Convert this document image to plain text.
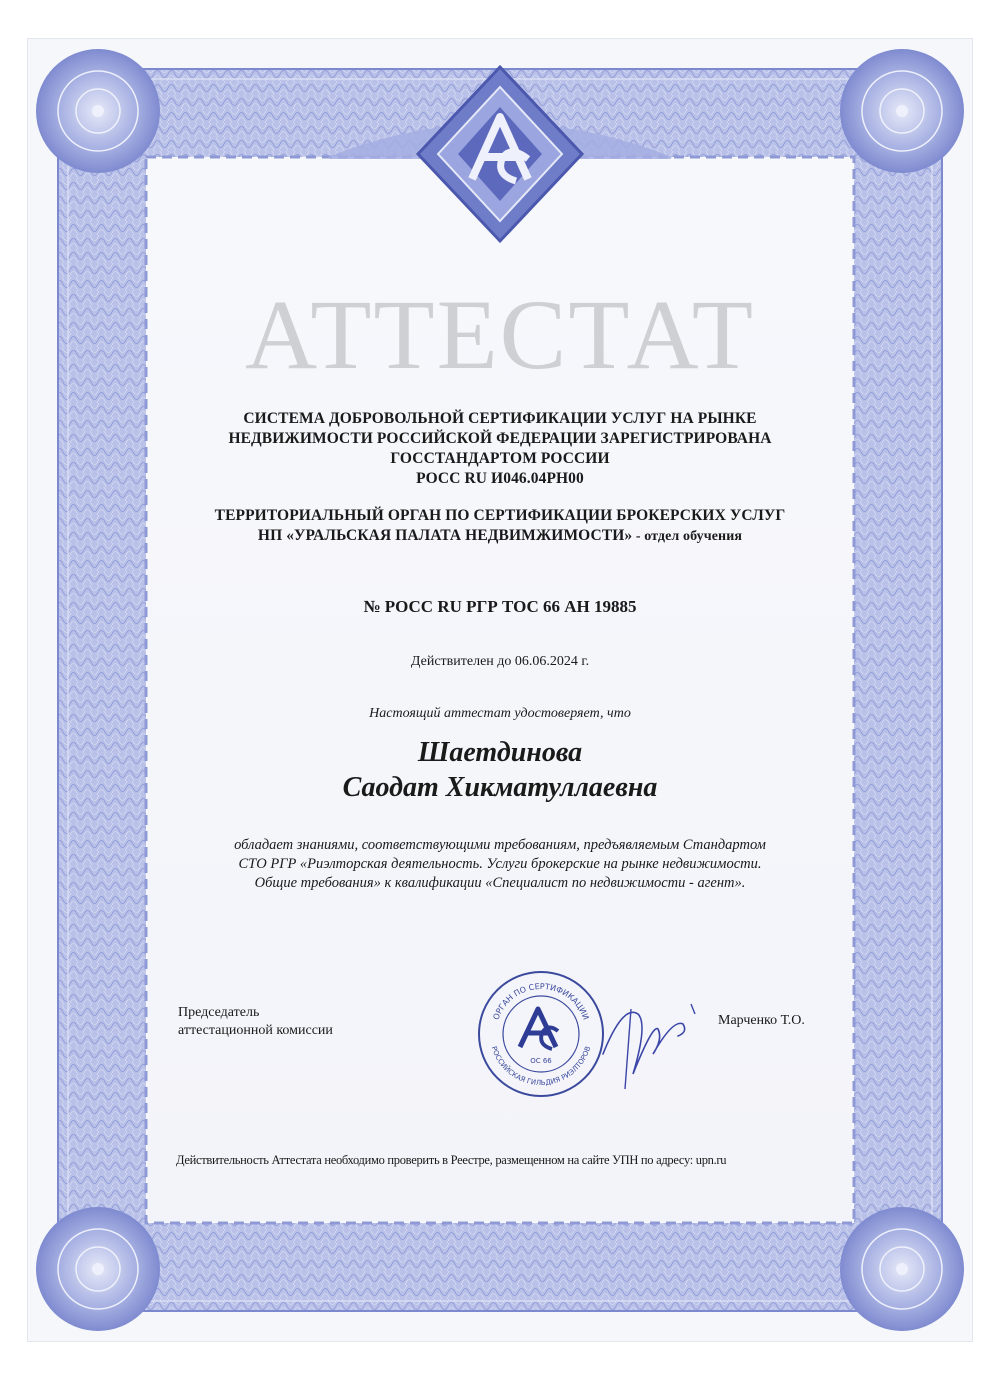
АТТЕСТАТ
СИСТЕМА ДОБРОВОЛЬНОЙ СЕРТИФИКАЦИИ УСЛУГ НА РЫНКЕ
НЕДВИЖИМОСТИ РОССИЙСКОЙ ФЕДЕРАЦИИ ЗАРЕГИСТРИРОВАНА
ГОССТАНДАРТОМ РОССИИ
РОСС RU И046.04РН00
ТЕРРИТОРИАЛЬНЫЙ ОРГАН ПО СЕРТИФИКАЦИИ БРОКЕРСКИХ УСЛУГ
НП «УРАЛЬСКАЯ ПАЛАТА НЕДВИМЖИМОСТИ» - отдел обучения
№ РОСС RU РГР ТОС 66 АН 19885
Действителен до 06.06.2024 г.
Настоящий аттестат удостоверяет, что
Шаетдинова
Саодат Хикматуллаевна
обладает знаниями, соответствующими требованиям, предъявляемым Стандартом
СТО РГР «Риэлторская деятельность. Услуги брокерские на рынке недвижимости.
Общие требования» к квалификации «Специалист по недвижимости - агент».
Председатель
аттестационной комиссии
ОРГАН ПО СЕРТИФИКАЦИИ
РОССИЙСКАЯ ГИЛЬДИЯ РИЭЛТОРОВ
ОС 66
Марченко Т.О.
Действительность Аттестата необходимо проверить в Реестре, размещенном на сайте УПН по адресу: upn.ru
